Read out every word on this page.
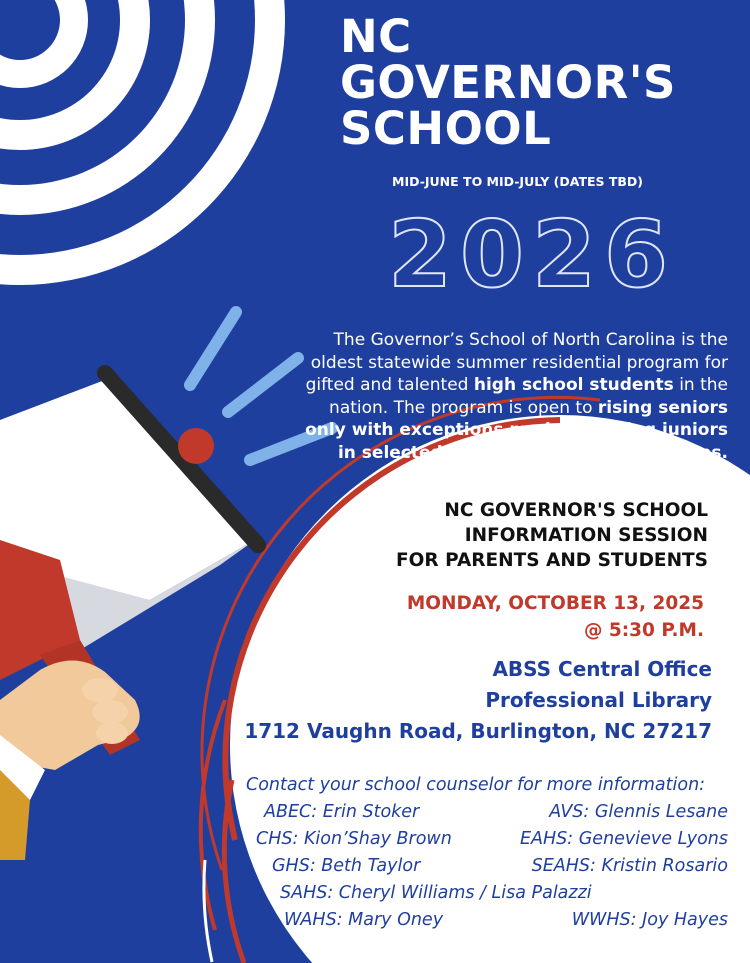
NC
GOVERNOR'S
SCHOOL
MID-JUNE TO MID-JULY (DATES TBD)
2026

The Governor’s School of North Carolina is the oldest statewide summer residential program for gifted and talented high school students in the nation. The program is open to rising seniors only with exceptions made for rising juniors in selected performing/visual arts areas.

NC GOVERNOR'S SCHOOL
INFORMATION SESSION
FOR PARENTS AND STUDENTS
MONDAY, OCTOBER 13, 2025
@ 5:30 P.M.
ABSS Central Office
Professional Library
1712 Vaughn Road, Burlington, NC 27217
Contact your school counselor for more information:
ABEC: Erin Stoker	AVS: Glennis Lesane
CHS: Kion’Shay Brown	EAHS: Genevieve Lyons
GHS: Beth Taylor	SEAHS: Kristin Rosario
SAHS: Cheryl Williams / Lisa Palazzi
WAHS: Mary Oney	WWHS: Joy Hayes
